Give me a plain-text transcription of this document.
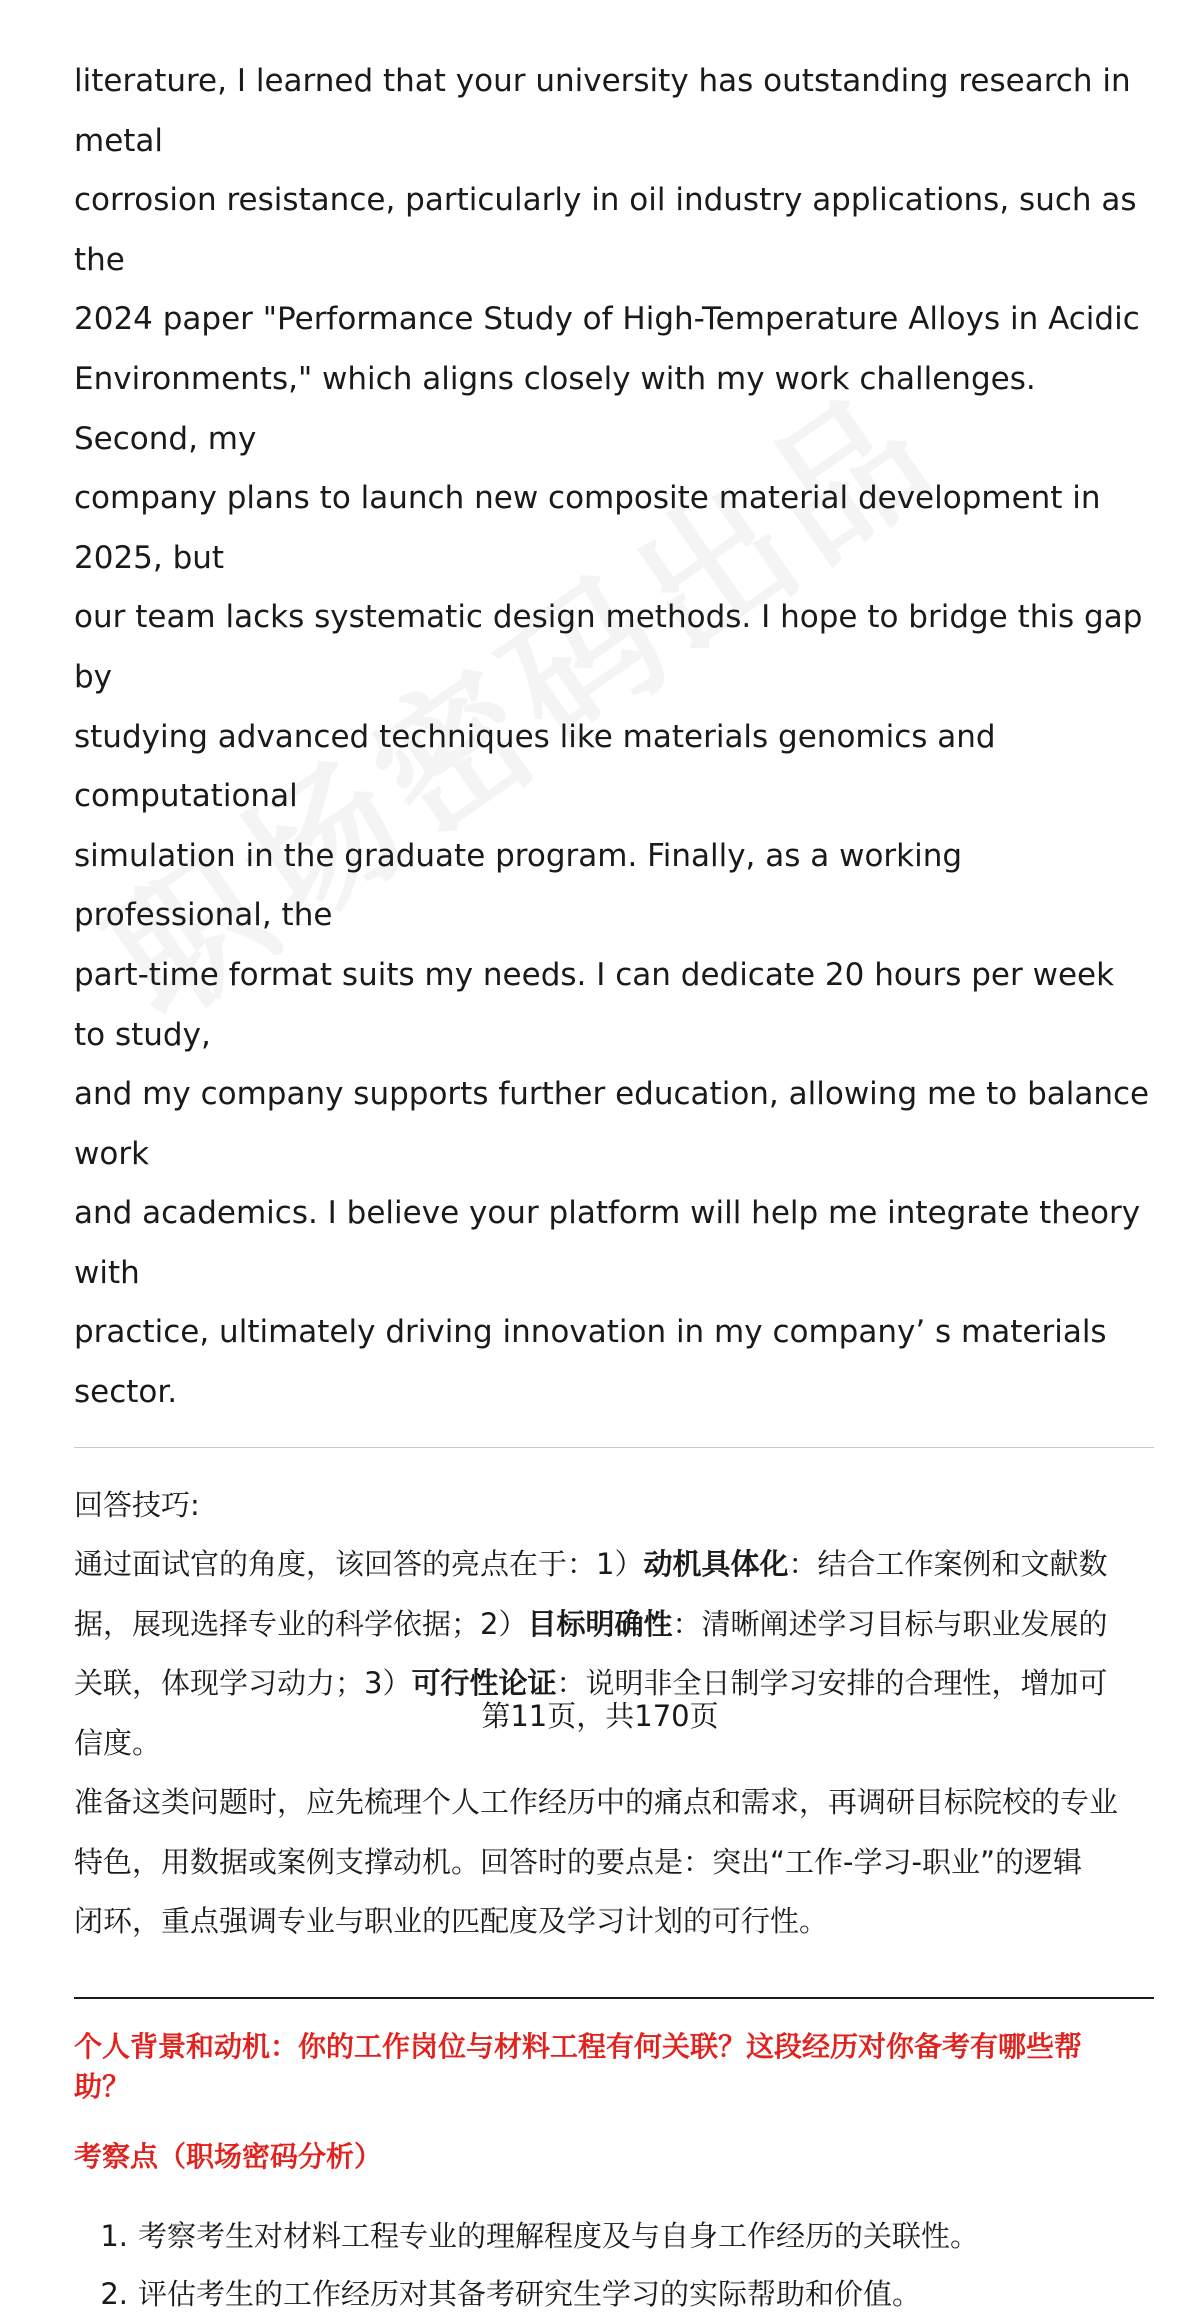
literature, I learned that your university has outstanding research in metal

corrosion resistance, particularly in oil industry applications, such as the

2024 paper "Performance Study of High-Temperature Alloys in Acidic

Environments," which aligns closely with my work challenges. Second, my

company plans to launch new composite material development in 2025, but

our team lacks systematic design methods. I hope to bridge this gap by

studying advanced techniques like materials genomics and computational

simulation in the graduate program. Finally, as a working professional, the

part-time format suits my needs. I can dedicate 20 hours per week to study,

and my company supports further education, allowing me to balance work

and academics. I believe your platform will help me integrate theory with

practice, ultimately driving innovation in my company’ s materials sector.

回答技巧:

通过面试官的角度，该回答的亮点在于：1）动机具体化：结合工作案例和文献数

据，展现选择专业的科学依据；2）目标明确性：清晰阐述学习目标与职业发展的

关联，体现学习动力；3）可行性论证：说明非全日制学习安排的合理性，增加可

信度。

准备这类问题时，应先梳理个人工作经历中的痛点和需求，再调研目标院校的专业

特色，用数据或案例支撑动机。回答时的要点是：突出“工作-学习-职业”的逻辑

闭环，重点强调专业与职业的匹配度及学习计划的可行性。

个人背景和动机：你的工作岗位与材料工程有何关联？这段经历对你备考有哪些帮
助？
考察点（职场密码分析）
1. 考察考生对材料工程专业的理解程度及与自身工作经历的关联性。
2. 评估考生的工作经历对其备考研究生学习的实际帮助和价值。
第11页，共170页
